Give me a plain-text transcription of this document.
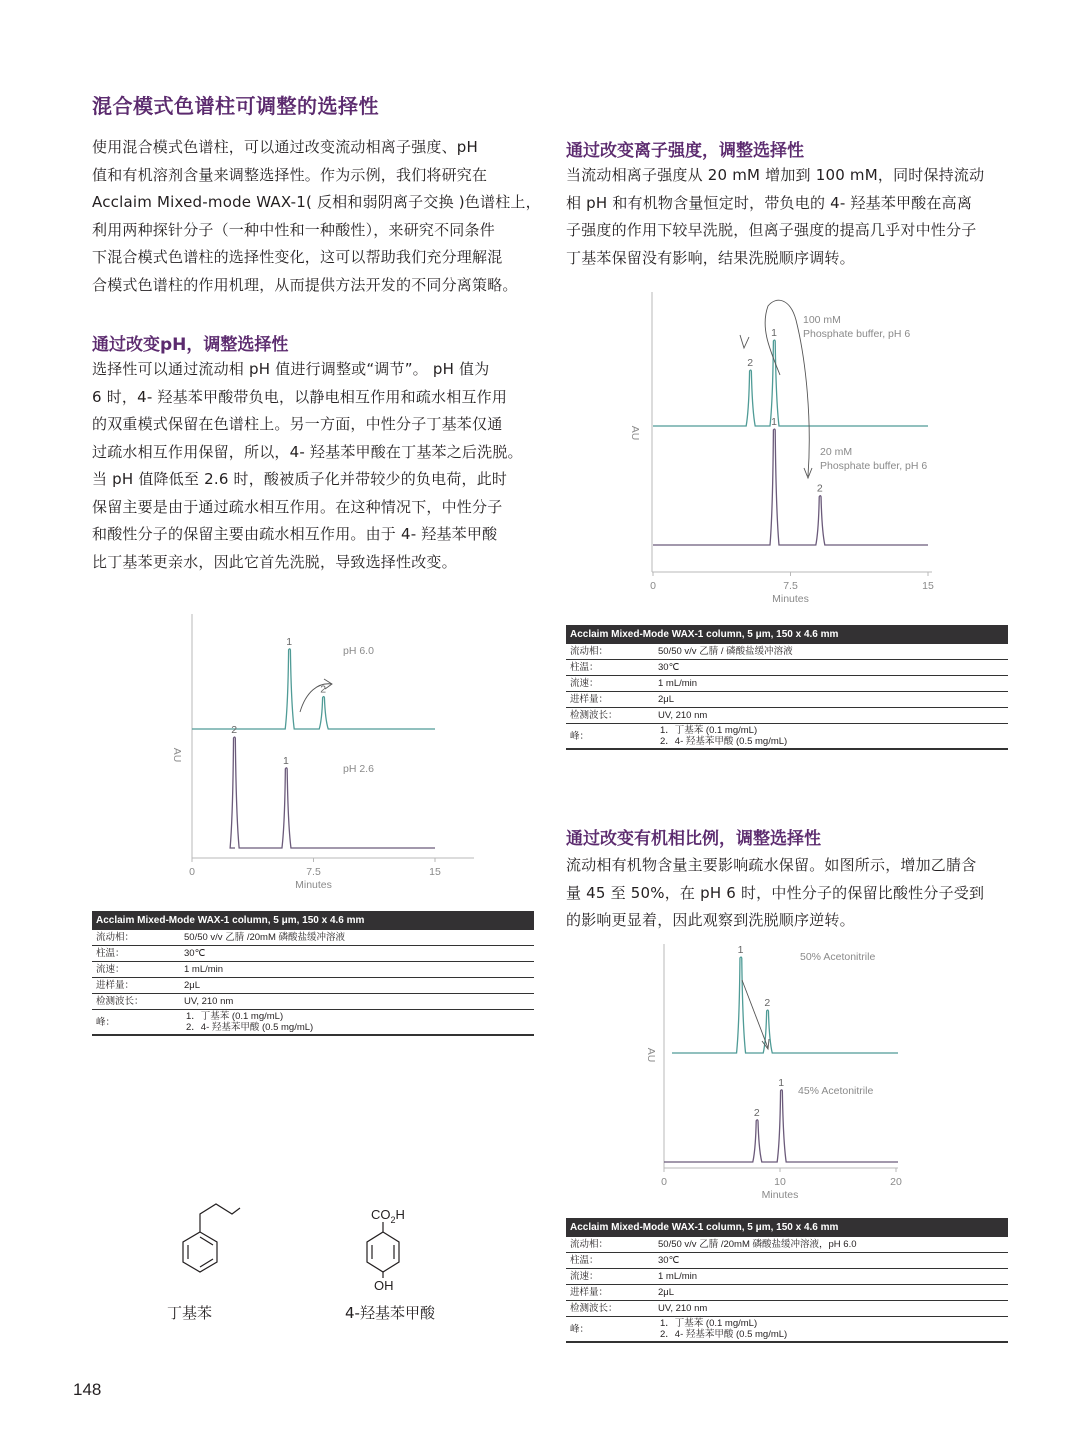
混合模式色谱柱可调整的选择性

使用混合模式色谱柱，可以通过改变流动相离子强度、pH

值和有机溶剂含量来调整选择性。作为示例，我们将研究在

Acclaim Mixed-mode WAX-1( 反相和弱阴离子交换 )色谱柱上，

利用两种探针分子（一种中性和一种酸性），来研究不同条件

下混合模式色谱柱的选择性变化，这可以帮助我们充分理解混

合模式色谱柱的作用机理，从而提供方法开发的不同分离策略。

通过改变pH，调整选择性

选择性可以通过流动相 pH 值进行调整或“调节”。 pH 值为

6 时，4- 羟基苯甲酸带负电，以静电相互作用和疏水相互作用

的双重模式保留在色谱柱上。另一方面，中性分子丁基苯仅通

过疏水相互作用保留，所以，4- 羟基苯甲酸在丁基苯之后洗脱。

当 pH 值降低至 2.6 时，酸被质子化并带较少的负电荷，此时

保留主要是由于通过疏水相互作用。在这种情况下，中性分子

和酸性分子的保留主要由疏水相互作用。由于 4- 羟基苯甲酸

比丁基苯更亲水，因此它首先洗脱，导致选择性改变。

通过改变离子强度，调整选择性

当流动相离子强度从 20 mM 增加到 100 mM，同时保持流动

相 pH 和有机物含量恒定时，带负电的 4- 羟基苯甲酸在高离

子强度的作用下较早洗脱，但离子强度的提高几乎对中性分子

丁基苯保留没有影响，结果洗脱顺序调转。

通过改变有机相比例，调整选择性

流动相有机物含量主要影响疏水保留。如图所示，增加乙腈含

量 45 至 50%，在 pH 6 时，中性分子的保留比酸性分子受到

的影响更显着，因此观察到洗脱顺序逆转。

0	7.5	15
Minutes
AU
2
1
100 mM Phosphate buffer, pH 6
1
2
20 mM Phosphate buffer, pH 6
0	7.5	15
Minutes
AU
1
2
pH 6.0
2
1
pH 2.6
0	10	20
Minutes
AU
1
2
50% Acetonitrile
2
1
45% Acetonitrile
Acclaim Mixed-Mode WAX-1 column, 5 μm, 150 x 4.6 mm	
流动相：	50/50 v/v 乙腈 / 磷酸盐缓冲溶液

柱温：	30℃

流速：	1 mL/min

进样量：	2μL

检测波长：	UV, 210 nm

峰：	1．丁基苯 (0.1 mg/mL)
2．4- 羟基苯甲酸 (0.5 mg/mL)
Acclaim Mixed-Mode WAX-1 column, 5 μm, 150 x 4.6 mm	
流动相：	50/50 v/v 乙腈 /20mM 磷酸盐缓冲溶液

柱温：	30℃

流速：	1 mL/min

进样量：	2μL

检测波长：	UV, 210 nm

峰：	1．丁基苯 (0.1 mg/mL)
2．4- 羟基苯甲酸 (0.5 mg/mL)
Acclaim Mixed-Mode WAX-1 column, 5 μm, 150 x 4.6 mm	
流动相：	50/50 v/v 乙腈 /20mM 磷酸盐缓冲溶液，pH 6.0

柱温：	30℃

流速：	1 mL/min

进样量：	2μL

检测波长：	UV, 210 nm

峰：	1．丁基苯 (0.1 mg/mL)
2．4- 羟基苯甲酸 (0.5 mg/mL)
丁基苯
$CO_2H$
OH
4-羟基苯甲酸
148
